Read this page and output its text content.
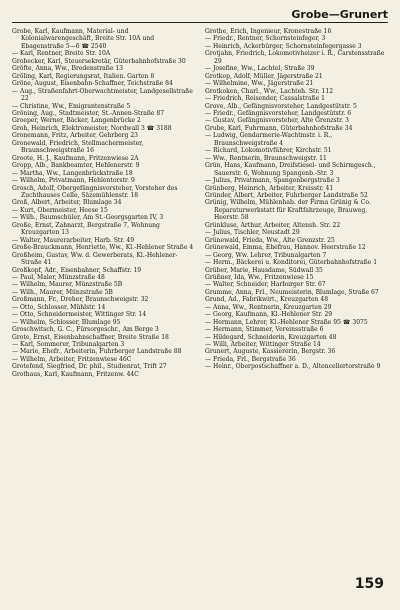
Grobe—Grunert
Grobe, Karl, Kaufmann, Material- und Kolonialwarengeschäft, Breite Str. 10A und Ebagenstraße 5—6 ☎ 2540
— Karl, Rentner, Breite Str. 10A
Grobecker, Karl, Steuersekretär, Güterbahnhofstraße 30
Gröfte, Anna, Ww., Bredenstraße 13
Gröling, Karl, Regierungsrat, Italien. Garten 8
Gröne, August, Eisenbahn-Schaffner, Teichstraße 84
— Aug., Straßenfahrt-Oberwachtmeister, Landgesellstraße 22
— Christine, Ww., Emigrantenstraße 5
Gröning, Aug., Stadtmeister, St.-Annen-Straße 87
Groeper, Werner, Bäcker, Langenbrücke 2
Groh, Heinrich, Elektromeister, Nordwall 3 ☎ 3188
Gronemann, Fritz, Arbeiter, Gehrberg 23
Gronewald, Friedrich, Stellmachermeister, Braunschweigstraße 16
Groote, H. J., Kaufmann, Fritzenwiese 2A
Gropp, Alb., Bankbeamter, Hehlenerstr. 9
— Martha, Ww., Langenbrückstraße 18
— Wilhelm, Privatmann, Hehlentorstr. 9
Grosch, Adolf, Obergefängnisvorsteher, Vorsteher des Zuchthauses Celle, Säzemühlenstr. 18
Groß, Albert, Arbeiter, Blumlage 34
— Kurt, Obermeister, Heese 15
— Wilh., Baumschüler, Am St.-Georgsgarten IV, 3
Große, Ernst, Zahnarzt, Bergstraße 7, Wohnung Kreuzgarten 13
— Walter, Maurerarbeiter, Harb. Str. 49
Große-Brauckmann, Henriette, Ww., Kl.-Hehlener Straße 4
Großheim, Gustav, Ww. d. Gewerberats, Kl.-Hehlener-Straße 41
Großkopf, Adr., Eisenbahner, Schaffstr. 19
— Paul, Maler, Münzstraße 48
— Wilhelm, Maurer, Münzstraße 5B
— Wilh., Maurer, Münzstraße 5B
Großmann, Fr., Dreher, Braunschweigstr. 32
— Otto, Schlosser, Mühlstr. 14
— Otto, Schneidermeister, Wittinger Str. 14
— Wilhelm, Schlosser, Blumlage 95
Groschwitsch, G. C., Fürsorgeschr., Am Berge 3
Grote, Ernst, Eisenbahnschaffner, Breite Straße 18
— Karl, Sommerer, Tribunalgarten 3
— Marie, Ehefr., Arbeiterin, Fuhrberger Landstraße 88
— Wilhelm, Arbeiter, Fritzenwiese 46C
Grotefend, Siegfried, Dr. phil., Studienrat, Trift 27
Grothaus, Karl, Kaufmann, Fritzenw. 44C
Grothe, Erich, Ingenieur, Kronestraße 16
— Friedr., Rentner, Schornsteinfeger, 3
— Heinrich, Ackerbürger, Schornsteinfegergasse 3
Grotjahn, Friedrich, Lokomotivheizer i. R., Carstensstraße 29
— Josefine, Ww., Lachtel, Straße 39
Grotkop, Adolf, Müller, Jägerstraße 21
— Wilhelmine, Ww., Jägerstraße 21
Grotkoken, Charl., Ww., Lachteh. Str. 112
— Friedrich, Reisender, Cassalstraße 1
Grove, Alb., Gefängnisvorsteher, Landgestütstr. 5
— Friedr., Gefängnisvorsteher, Landgestütstr. 6
— Gustav, Gefängnisvorsteher, Alte Grenzstr. 3
Grube, Karl, Fuhrmann, Güterbahnhofstraße 34
— Ludwig, Gendarmerie-Wachtmstr. i. R., Braunschweigstraße 4
— Richard, Lokomotivführer, Kirchstr. 51
— Ww., Rentnerin, Braunschweigstr. 11
Grün, Hans, Kaufmann, Dreifstiesel- und Schirmgesch., Sauerstr. 6, Wohnung Spangenb.-Str. 3
— Julius, Privatmann, Spangenbergstraße 3
Grünberg, Heinrich, Arbeiter, Kreisstr. 41
Gründer, Albert, Arbeiter, Fuhrberger Landstraße 52
Grünig, Wilhelm, Mühlenhab. der Firma Grünig & Co. Reparaturwerkstatt für Kraftfahrzeuge, Brauweg, Heerstr. 58
Grünkluse, Arthur, Arbeiter, Altensh. Str. 22
— Julius, Tischler, Neustadt 29
Grünewald, Frieda, Ww., Alte Grenzstr. 25
Grünewald, Emma, Ehefrau, Hannov. Heerstraße 12
— Georg, Ww. Lehrer, Tribunalgarten 7
— Herm., Bäckerei u. Konditorei, Güterbahnhofstraße 1
Grüber, Marie, Hausdame, Südwall 35
Grüßner, Ida, Ww., Fritzenwiese 15
— Walter, Schneider, Harburger Str. 67
Grumme, Anna, Frl., Neumeisterin, Blumlage, Straße 67
Grund, Ad., Fabrikwirt., Kreuzgarten 48
— Anna, Ww., Rentnerin, Kreuzgarten 29
— Georg, Kaufmann, Kl.-Hehlener Str. 29
— Hermann, Lehrer, Kl.-Hehlener Straße 95 ☎ 3075
— Hermann, Stimmer, Vereinsstraße 6
— Hildegard, Schneiderin, Kreuzgarten 48
— Willi, Arbeiter, Wittinger Straße 14
Grunert, Auguste, Kassiererin, Bergstr. 36
— Frieda, Frl., Bergstraße 36
— Heinr., Oberpostschaffner a. D., Altencellertorstraße 9
159
